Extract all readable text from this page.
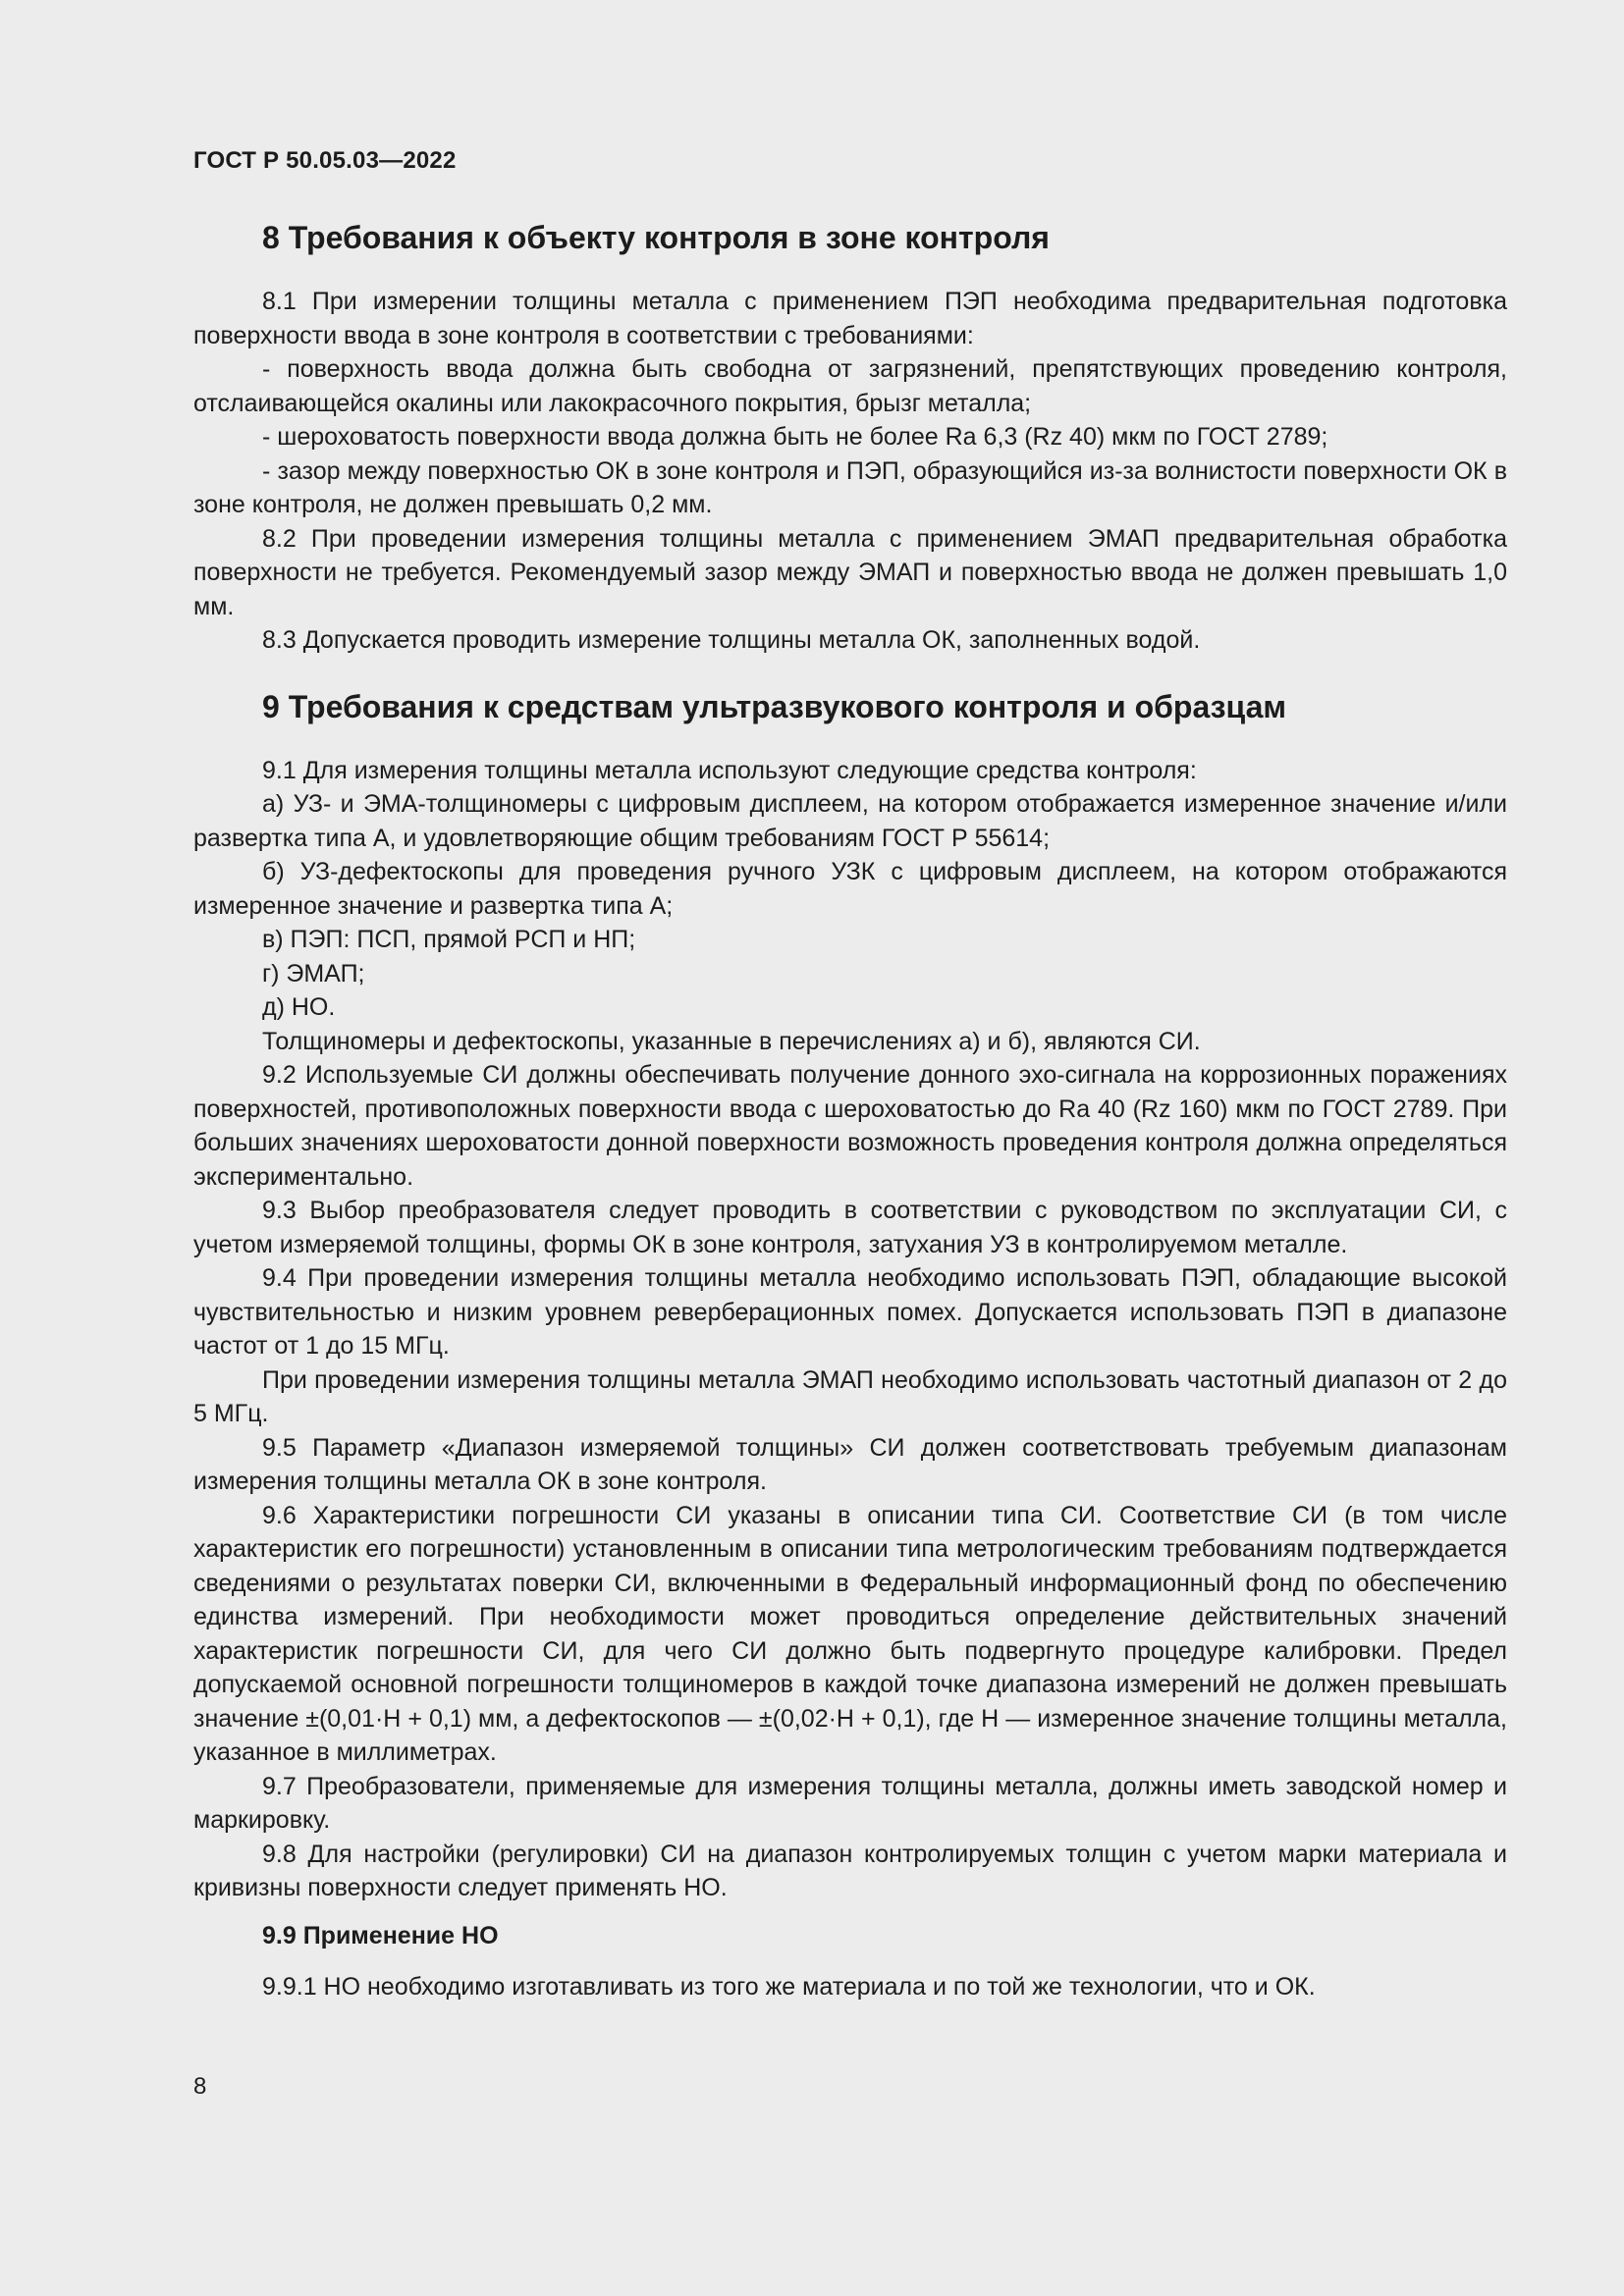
ГОСТ Р 50.05.03—2022

8 Требования к объекту контроля в зоне контроля

8.1 При измерении толщины металла с применением ПЭП необходима предварительная подготовка поверхности ввода в зоне контроля в соответствии с требованиями:

- поверхность ввода должна быть свободна от загрязнений, препятствующих проведению контроля, отслаивающейся окалины или лакокрасочного покрытия, брызг металла;

- шероховатость поверхности ввода должна быть не более Ra 6,3 (Rz 40) мкм по ГОСТ 2789;

- зазор между поверхностью ОК в зоне контроля и ПЭП, образующийся из-за волнистости поверхности ОК в зоне контроля, не должен превышать 0,2 мм.

8.2 При проведении измерения толщины металла с применением ЭМАП предварительная обработка поверхности не требуется. Рекомендуемый зазор между ЭМАП и поверхностью ввода не должен превышать 1,0 мм.

8.3 Допускается проводить измерение толщины металла ОК, заполненных водой.

9 Требования к средствам ультразвукового контроля и образцам

9.1 Для измерения толщины металла используют следующие средства контроля:

а) УЗ- и ЭМА-толщиномеры с цифровым дисплеем, на котором отображается измеренное значение и/или развертка типа А, и удовлетворяющие общим требованиям ГОСТ Р 55614;

б) УЗ-дефектоскопы для проведения ручного УЗК с цифровым дисплеем, на котором отображаются измеренное значение и развертка типа А;

в) ПЭП: ПСП, прямой РСП и НП;

г) ЭМАП;

д) НО.

Толщиномеры и дефектоскопы, указанные в перечислениях а) и б), являются СИ.

9.2 Используемые СИ должны обеспечивать получение донного эхо-сигнала на коррозионных поражениях поверхностей, противоположных поверхности ввода с шероховатостью до Ra 40 (Rz 160) мкм по ГОСТ 2789. При больших значениях шероховатости донной поверхности возможность проведения контроля должна определяться экспериментально.

9.3 Выбор преобразователя следует проводить в соответствии с руководством по эксплуатации СИ, с учетом измеряемой толщины, формы ОК в зоне контроля, затухания УЗ в контролируемом металле.

9.4 При проведении измерения толщины металла необходимо использовать ПЭП, обладающие высокой чувствительностью и низким уровнем реверберационных помех. Допускается использовать ПЭП в диапазоне частот от 1 до 15 МГц.

При проведении измерения толщины металла ЭМАП необходимо использовать частотный диапазон от 2 до 5 МГц.

9.5 Параметр «Диапазон измеряемой толщины» СИ должен соответствовать требуемым диапазонам измерения толщины металла ОК в зоне контроля.

9.6 Характеристики погрешности СИ указаны в описании типа СИ. Соответствие СИ (в том числе характеристик его погрешности) установленным в описании типа метрологическим требованиям подтверждается сведениями о результатах поверки СИ, включенными в Федеральный информационный фонд по обеспечению единства измерений. При необходимости может проводиться определение действительных значений характеристик погрешности СИ, для чего СИ должно быть подвергнуто процедуре калибровки. Предел допускаемой основной погрешности толщиномеров в каждой точке диапазона измерений не должен превышать значение ±(0,01·H + 0,1) мм, а дефектоскопов — ±(0,02·H + 0,1), где H — измеренное значение толщины металла, указанное в миллиметрах.

9.7 Преобразователи, применяемые для измерения толщины металла, должны иметь заводской номер и маркировку.

9.8 Для настройки (регулировки) СИ на диапазон контролируемых толщин с учетом марки материала и кривизны поверхности следует применять НО.

9.9 Применение НО

9.9.1 НО необходимо изготавливать из того же материала и по той же технологии, что и ОК.

8
